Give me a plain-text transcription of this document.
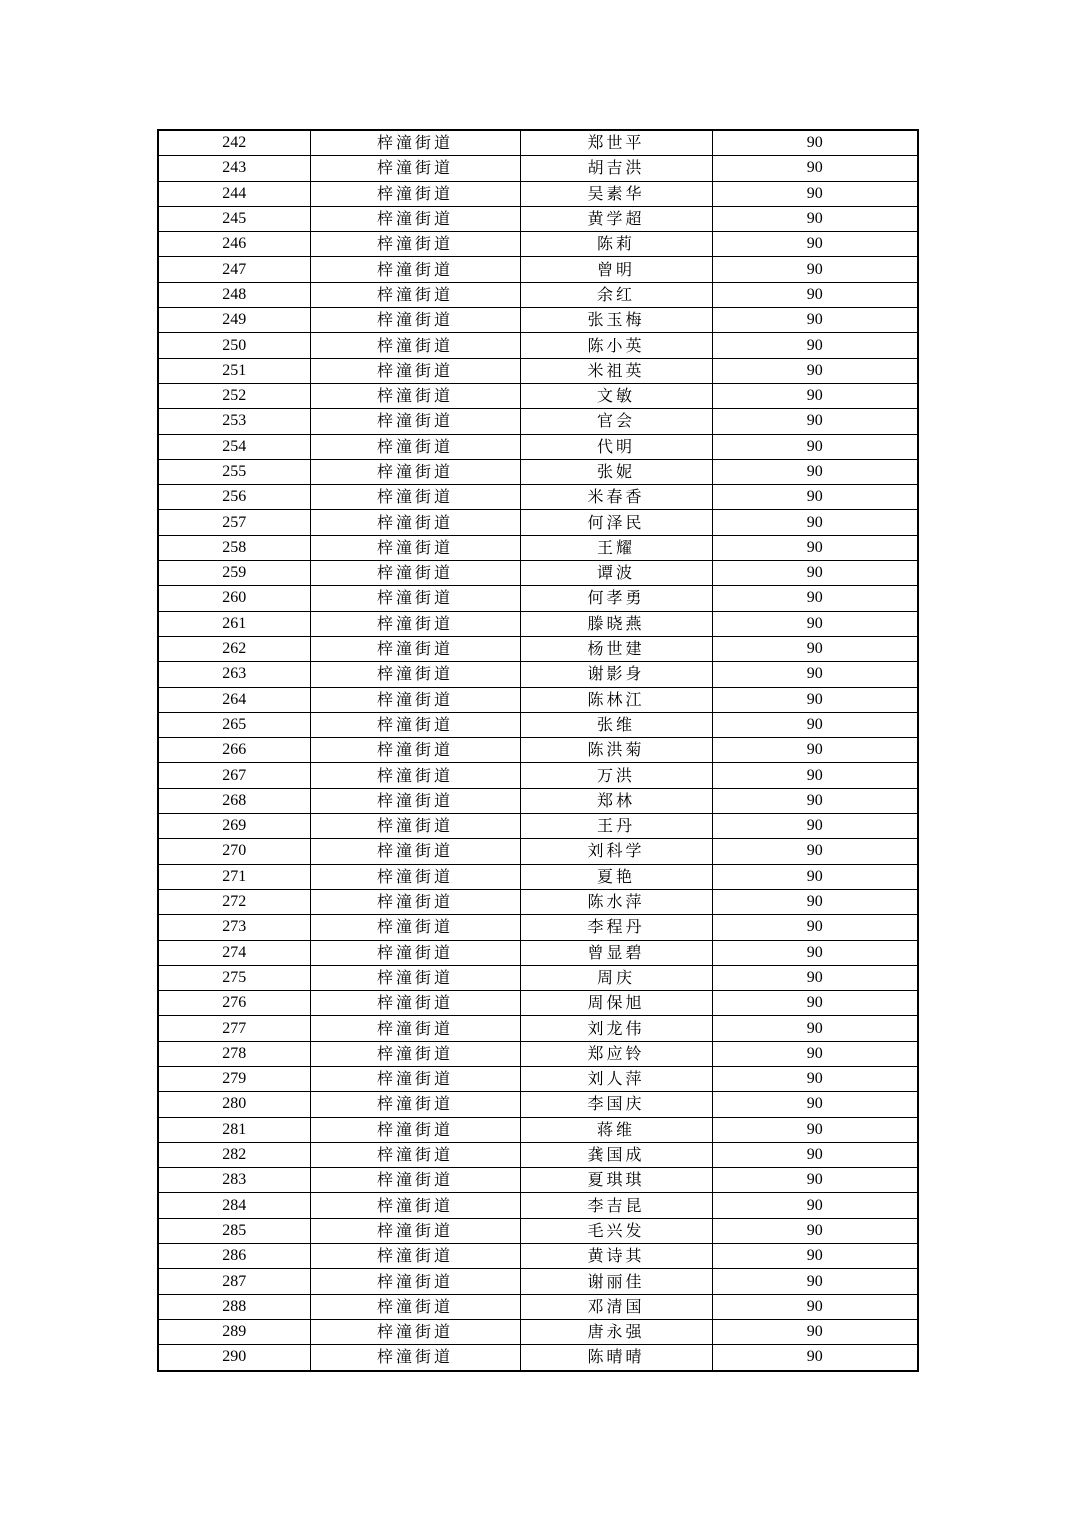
242	梓潼街道	郑世平	90
243	梓潼街道	胡吉洪	90
244	梓潼街道	吴素华	90
245	梓潼街道	黄学超	90
246	梓潼街道	陈莉	90
247	梓潼街道	曾明	90
248	梓潼街道	余红	90
249	梓潼街道	张玉梅	90
250	梓潼街道	陈小英	90
251	梓潼街道	米祖英	90
252	梓潼街道	文敏	90
253	梓潼街道	官会	90
254	梓潼街道	代明	90
255	梓潼街道	张妮	90
256	梓潼街道	米春香	90
257	梓潼街道	何泽民	90
258	梓潼街道	王耀	90
259	梓潼街道	谭波	90
260	梓潼街道	何孝勇	90
261	梓潼街道	滕晓燕	90
262	梓潼街道	杨世建	90
263	梓潼街道	谢影身	90
264	梓潼街道	陈林江	90
265	梓潼街道	张维	90
266	梓潼街道	陈洪菊	90
267	梓潼街道	万洪	90
268	梓潼街道	郑林	90
269	梓潼街道	王丹	90
270	梓潼街道	刘科学	90
271	梓潼街道	夏艳	90
272	梓潼街道	陈水萍	90
273	梓潼街道	李程丹	90
274	梓潼街道	曾显碧	90
275	梓潼街道	周庆	90
276	梓潼街道	周保旭	90
277	梓潼街道	刘龙伟	90
278	梓潼街道	郑应铃	90
279	梓潼街道	刘人萍	90
280	梓潼街道	李国庆	90
281	梓潼街道	蒋维	90
282	梓潼街道	龚国成	90
283	梓潼街道	夏琪琪	90
284	梓潼街道	李吉昆	90
285	梓潼街道	毛兴发	90
286	梓潼街道	黄诗其	90
287	梓潼街道	谢丽佳	90
288	梓潼街道	邓清国	90
289	梓潼街道	唐永强	90
290	梓潼街道	陈晴晴	90
